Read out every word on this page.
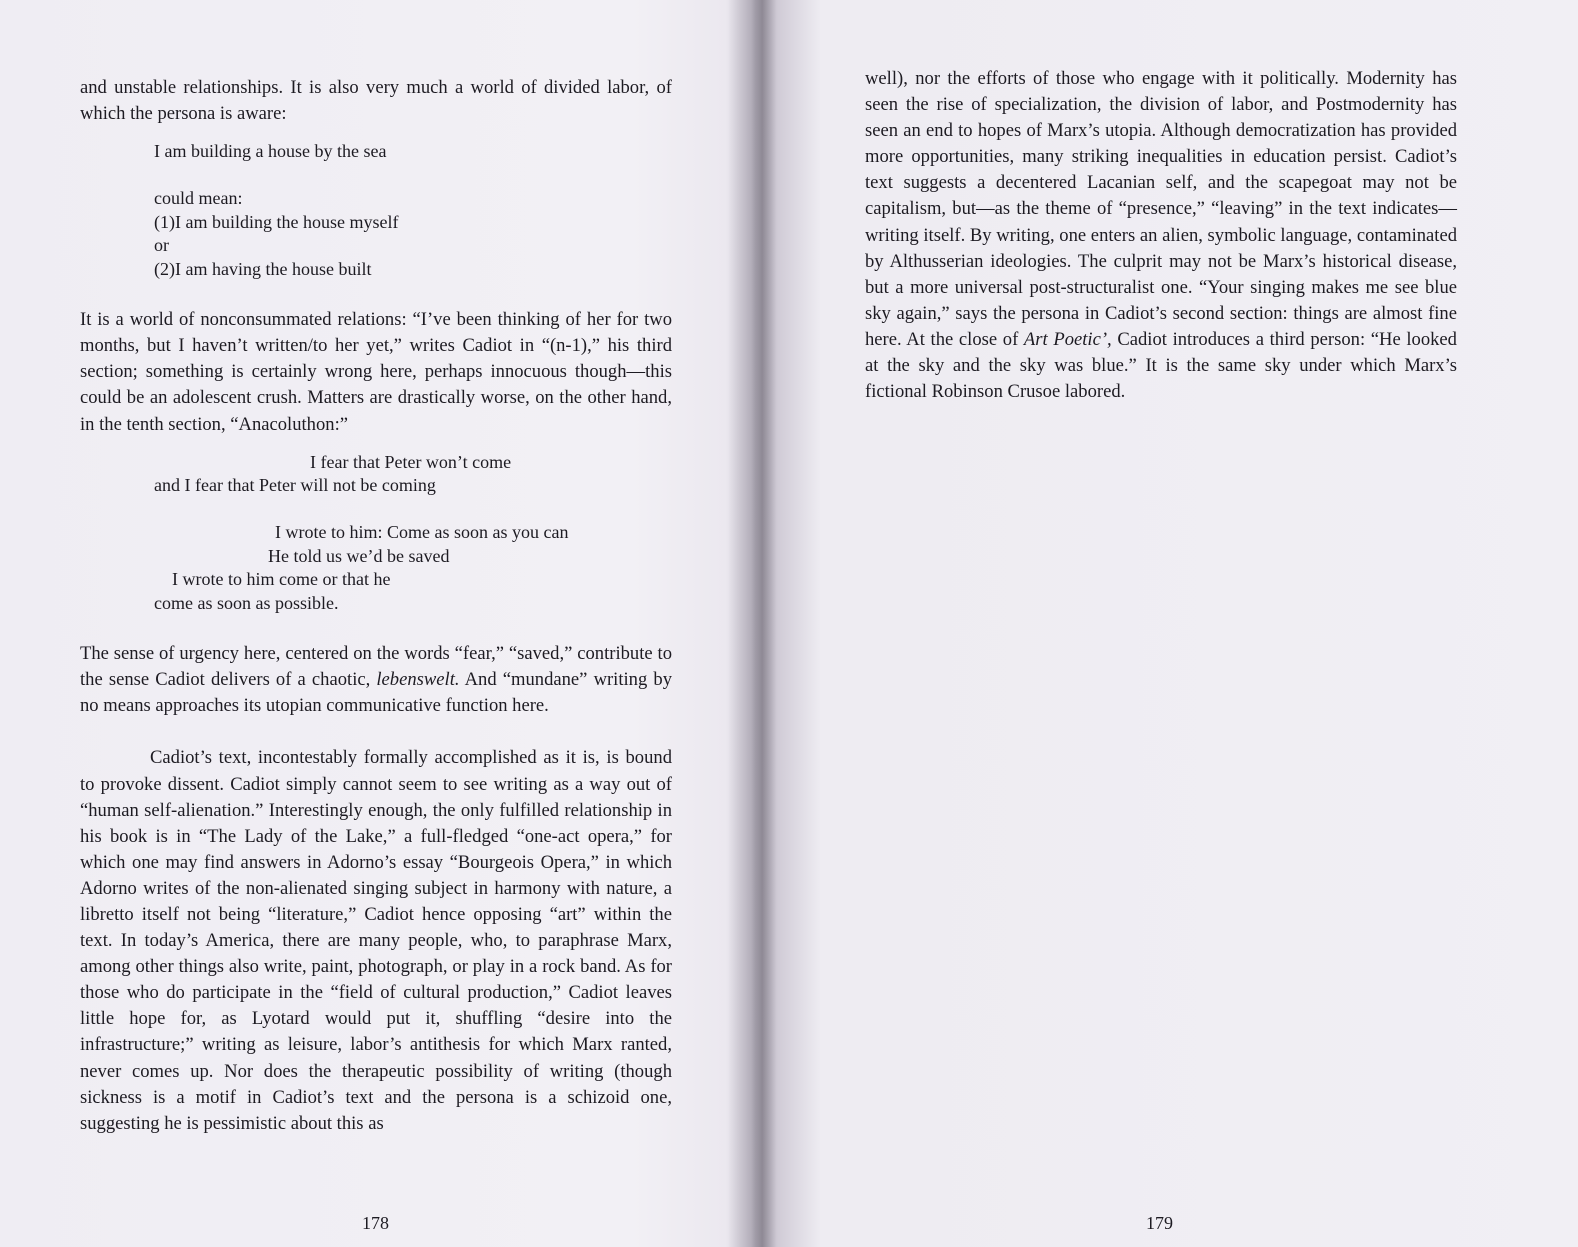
and unstable relationships. It is also very much a world of divided labor, of which the persona is aware:

I am building a house by the sea
could mean:
(1)I am building the house myself
or
(2)I am having the house built

It is a world of nonconsummated relations: “I’ve been thinking of her for two months, but I haven’t written/to her yet,” writes Cadiot in “(n-1),” his third section; something is certainly wrong here, perhaps innocuous though—this could be an adolescent crush. Matters are drastically worse, on the other hand, in the tenth section, “Anacoluthon:”

I fear that Peter won’t come
and I fear that Peter will not be coming
I wrote to him: Come as soon as you can
He told us we’d be saved
I wrote to him come or that he
come as soon as possible.

The sense of urgency here, centered on the words “fear,” “saved,” contribute to the sense Cadiot delivers of a chaotic, lebenswelt. And “mundane” writing by no means approaches its utopian communicative function here.

Cadiot’s text, incontestably formally accomplished as it is, is bound to provoke dissent. Cadiot simply cannot seem to see writing as a way out of “human self-alienation.” Interestingly enough, the only fulfilled relationship in his book is in “The Lady of the Lake,” a full-fledged “one-act opera,” for which one may find answers in Adorno’s essay “Bourgeois Opera,” in which Adorno writes of the non-alienated singing subject in harmony with nature, a libretto itself not being “literature,” Cadiot hence opposing “art” within the text. In today’s America, there are many people, who, to paraphrase Marx, among other things also write, paint, photograph, or play in a rock band. As for those who do participate in the “field of cultural production,” Cadiot leaves little hope for, as Lyotard would put it, shuffling “desire into the infrastructure;” writing as leisure, labor’s antithesis for which Marx ranted, never comes up. Nor does the therapeutic possibility of writing (though sickness is a motif in Cadiot’s text and the persona is a schizoid one, suggesting he is pessimistic about this as

178

well), nor the efforts of those who engage with it politically. Modernity has seen the rise of specialization, the division of labor, and Postmodernity has seen an end to hopes of Marx’s utopia. Although democratization has provided more opportunities, many striking inequalities in education persist. Cadiot’s text suggests a decentered Lacanian self, and the scapegoat may not be capitalism, but—as the theme of “presence,” “leaving” in the text indicates—writing itself. By writing, one enters an alien, symbolic language, contaminated by Althusserian ideologies. The culprit may not be Marx’s historical disease, but a more universal post-structuralist one. “Your singing makes me see blue sky again,” says the persona in Cadiot’s second section: things are almost fine here. At the close of Art Poetic’, Cadiot introduces a third person: “He looked at the sky and the sky was blue.” It is the same sky under which Marx’s fictional Robinson Crusoe labored.

179
